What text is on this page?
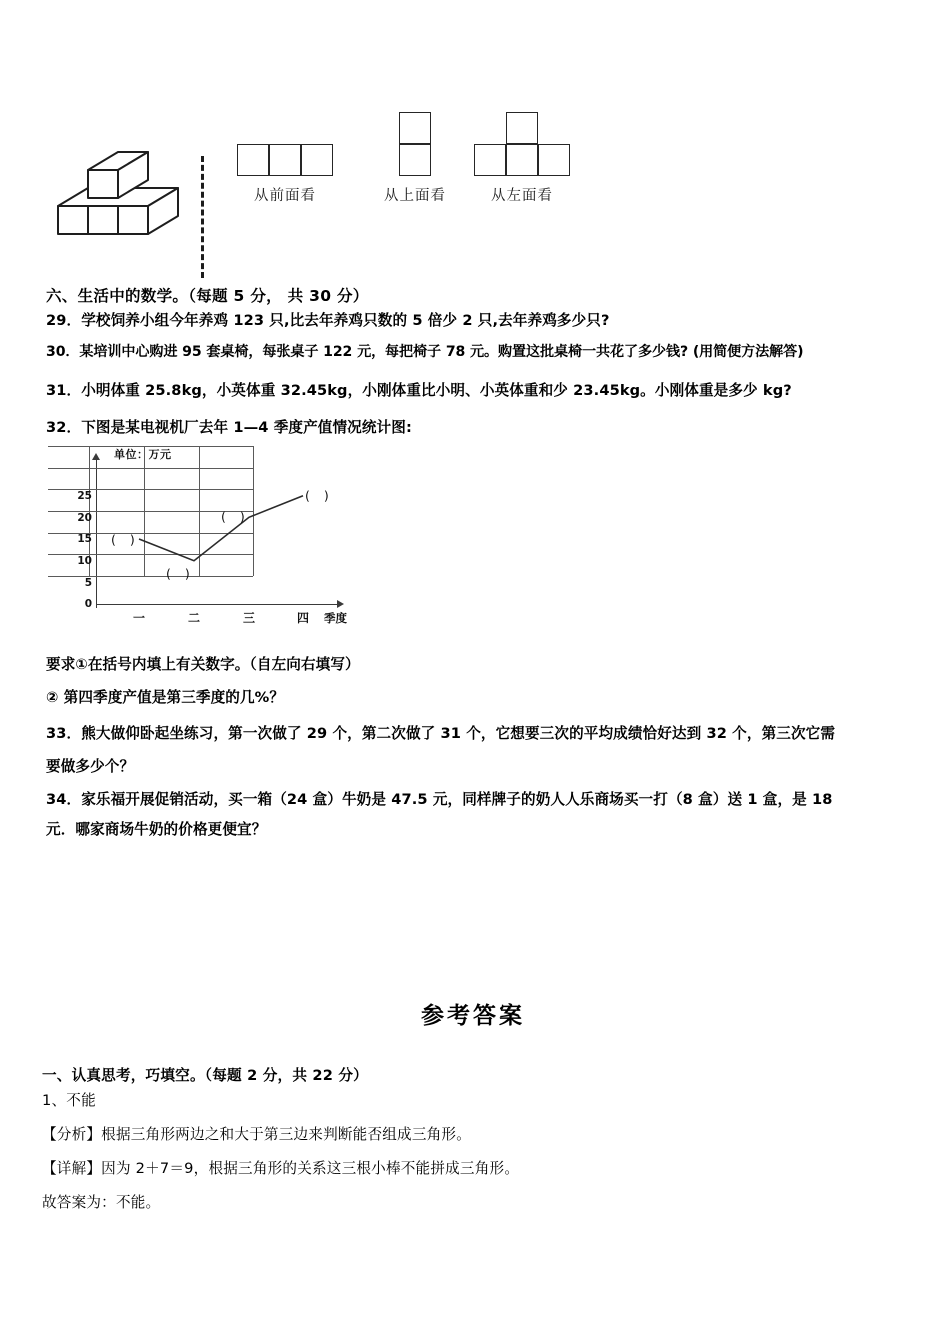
从前面看	从上面看	从左面看
六、生活中的数学。（每题 5 分， 共 30 分）
29．学校饲养小组今年养鸡 123 只,比去年养鸡只数的 5 倍少 2 只,去年养鸡多少只?
30．某培训中心购进 95 套桌椅，每张桌子 122 元，每把椅子 78 元。购置这批桌椅一共花了多少钱? (用简便方法解答)
31．小明体重 25.8kg，小英体重 32.45kg，小刚体重比小明、小英体重和少 23.45kg。小刚体重是多少 kg?
32．下图是某电视机厂去年 1—4 季度产值情况统计图:
单位：万元
0
5
10
15
20
25
一	二	三	四	季度
( )
( )
( )
( )
要求①在括号内填上有关数字。（自左向右填写）
② 第四季度产值是第三季度的几%？
33．熊大做仰卧起坐练习，第一次做了 29 个，第二次做了 31 个，它想要三次的平均成绩恰好达到 32 个，第三次它需
要做多少个？
34．家乐福开展促销活动，买一箱（24 盒）牛奶是 47.5 元，同样牌子的奶人人乐商场买一打（8 盒）送 1 盒，是 18
元．哪家商场牛奶的价格更便宜？
参考答案
一、认真思考，巧填空。（每题 2 分，共 22 分）
1、不能
【分析】根据三角形两边之和大于第三边来判断能否组成三角形。
【详解】因为 2＋7＝9，根据三角形的关系这三根小棒不能拼成三角形。
故答案为：不能。
